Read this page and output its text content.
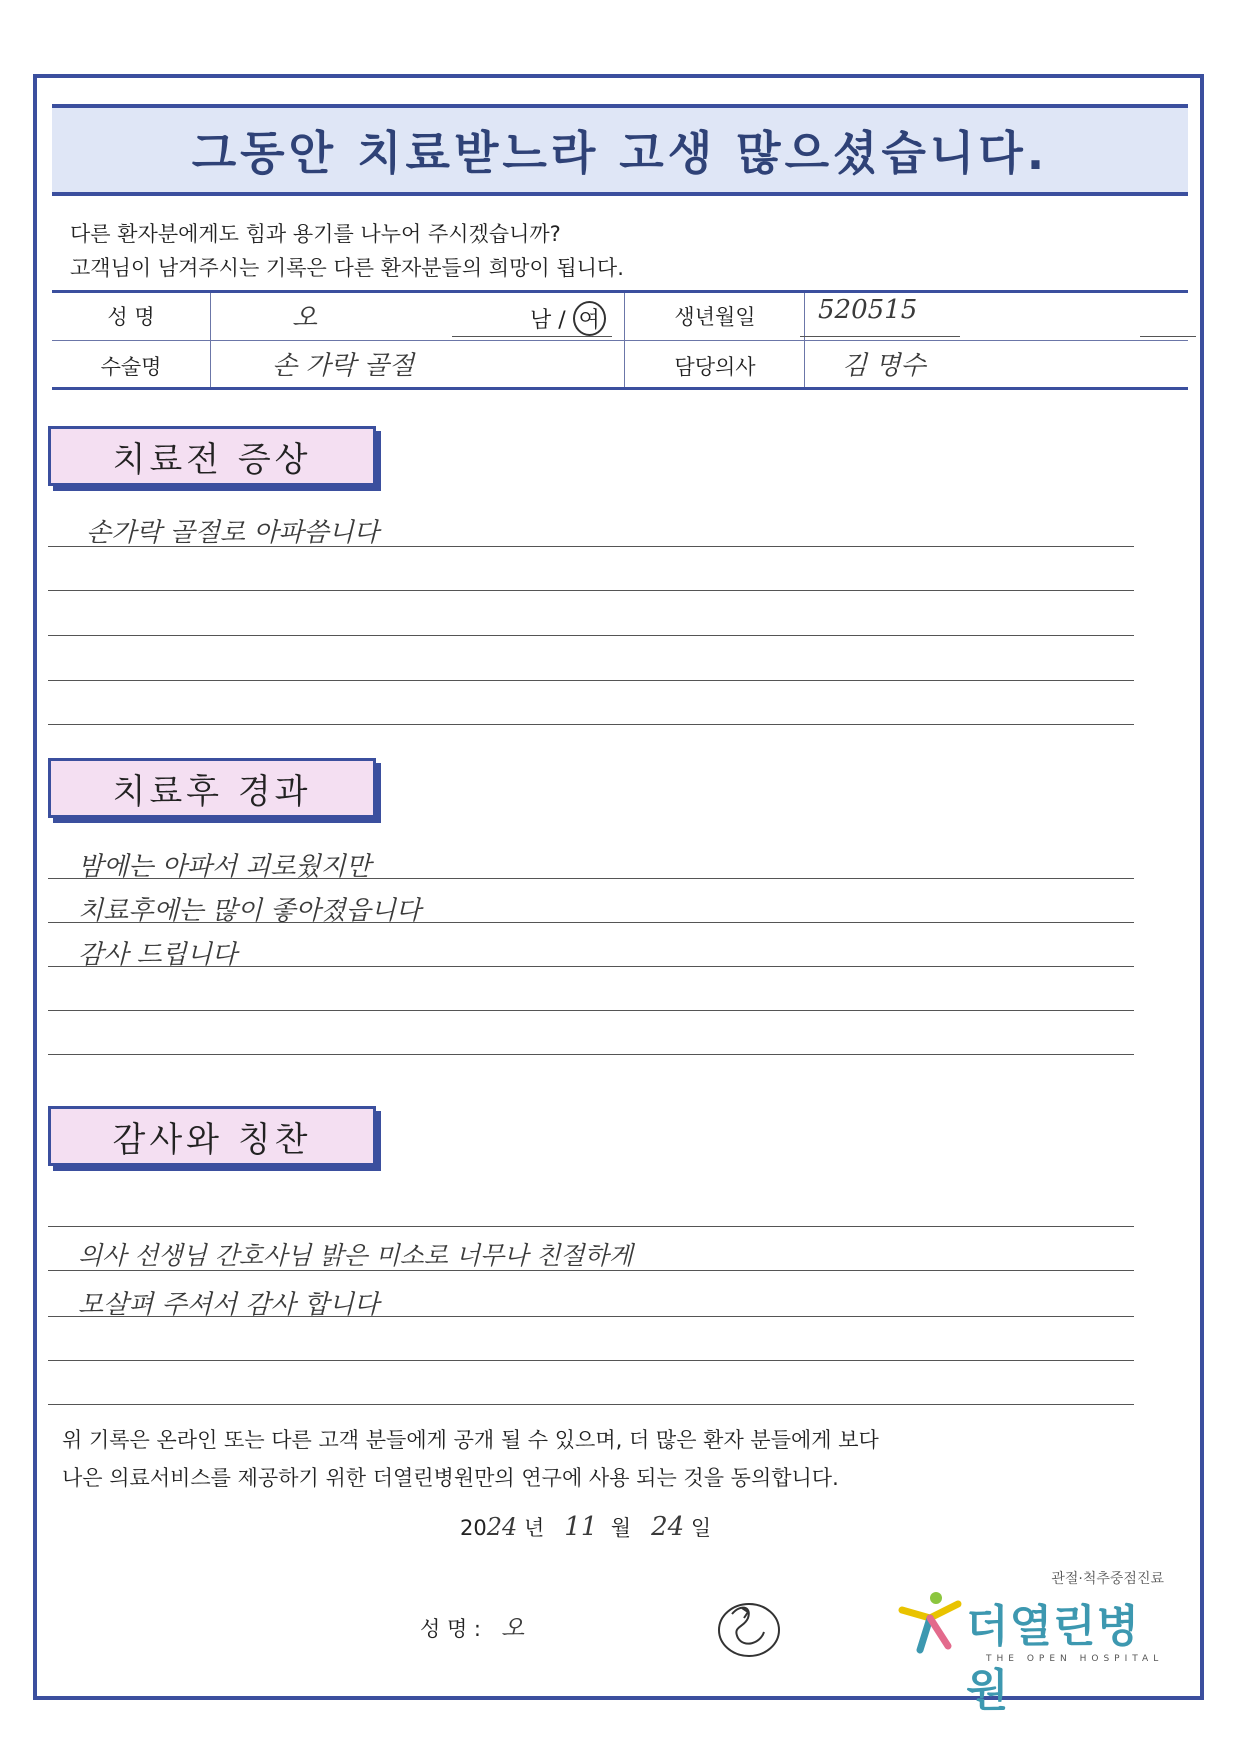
그동안 치료받느라 고생 많으셨습니다.
다른 환자분에게도 힘과 용기를 나누어 주시겠습니까?
고객님이 남겨주시는 기록은 다른 환자분들의 희망이 됩니다.
성 명	오	남 / 여	생년월일	520515
수술명	손 가락 골절	담당의사	김 명수
치료전 증상
손가락 골절로 아파씀니다
치료후 경과
밤에는 아파서 괴로웠지만
치료후에는 많이 좋아졌읍니다
감사 드립니다
감사와 칭찬
의사 선생님 간호사님 밝은 미소로 너무나 친절하게
모살펴 주셔서 감사 합니다
위 기록은 온라인 또는 다른 고객 분들에게 공개 될 수 있으며, 더 많은 환자 분들에게 보다
나은 의료서비스를 제공하기 위한 더열린병원만의 연구에 사용 되는 것을 동의합니다.
2024 년 11 월 24 일
성 명 : 오
관절·척추중점진료
더열린병원
THE OPEN HOSPITAL
